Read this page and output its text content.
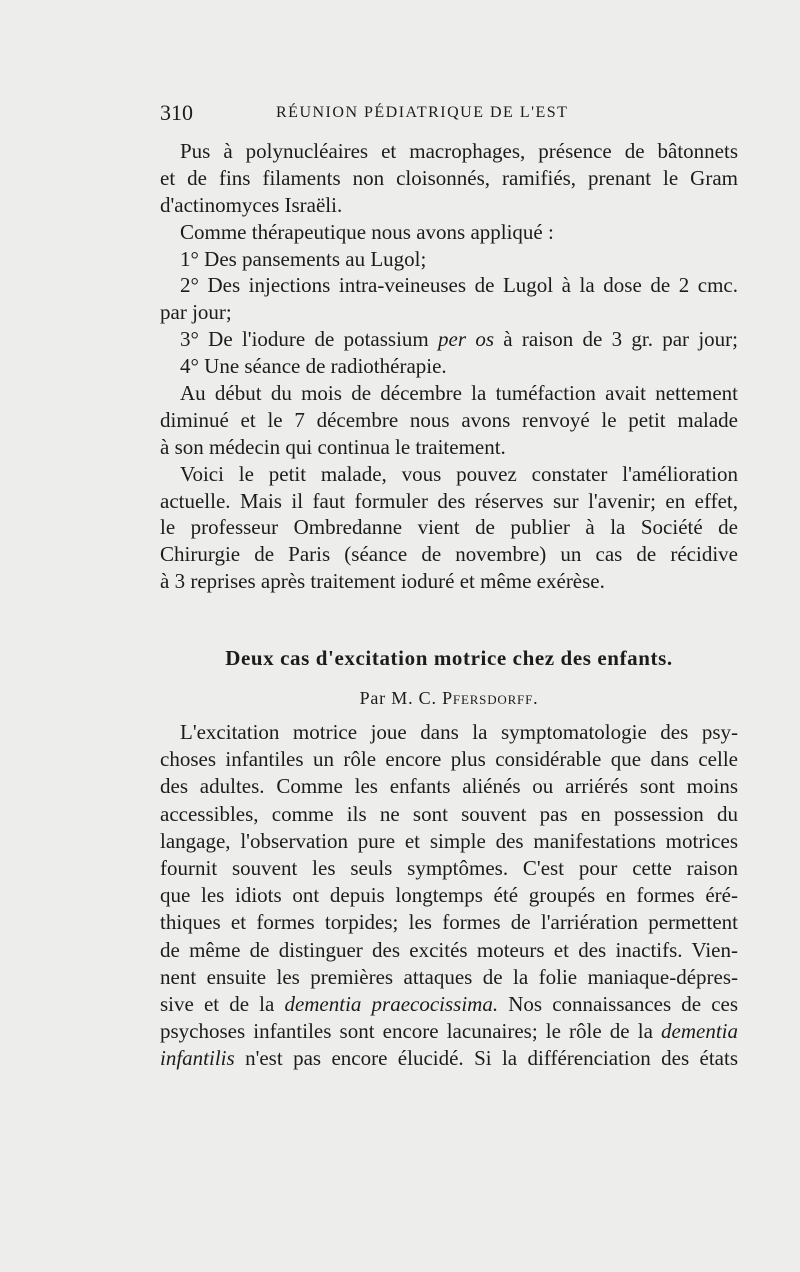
310	RÉUNION PÉDIATRIQUE DE L'EST
Pus à polynucléaires et macrophages, présence de bâtonnets
et de fins filaments non cloisonnés, ramifiés, prenant le Gram
d'actinomyces Israëli.
Comme thérapeutique nous avons appliqué :
1° Des pansements au Lugol;
2° Des injections intra-veineuses de Lugol à la dose de 2 cmc.
par jour;
3° De l'iodure de potassium per os à raison de 3 gr. par jour;
4° Une séance de radiothérapie.
Au début du mois de décembre la tuméfaction avait nettement
diminué et le 7 décembre nous avons renvoyé le petit malade
à son médecin qui continua le traitement.
Voici le petit malade, vous pouvez constater l'amélioration
actuelle. Mais il faut formuler des réserves sur l'avenir; en effet,
le professeur Ombredanne vient de publier à la Société de
Chirurgie de Paris (séance de novembre) un cas de récidive
à 3 reprises après traitement ioduré et même exérèse.
Deux cas d'excitation motrice chez des enfants.
Par M. C. Pfersdorff.
L'excitation motrice joue dans la symptomatologie des psy-
choses infantiles un rôle encore plus considérable que dans celle
des adultes. Comme les enfants aliénés ou arriérés sont moins
accessibles, comme ils ne sont souvent pas en possession du
langage, l'observation pure et simple des manifestations motrices
fournit souvent les seuls symptômes. C'est pour cette raison
que les idiots ont depuis longtemps été groupés en formes éré-
thiques et formes torpides; les formes de l'arriération permettent
de même de distinguer des excités moteurs et des inactifs. Vien-
nent ensuite les premières attaques de la folie maniaque-dépres-
sive et de la dementia praecocissima. Nos connaissances de ces
psychoses infantiles sont encore lacunaires; le rôle de la dementia
infantilis n'est pas encore élucidé. Si la différenciation des états
